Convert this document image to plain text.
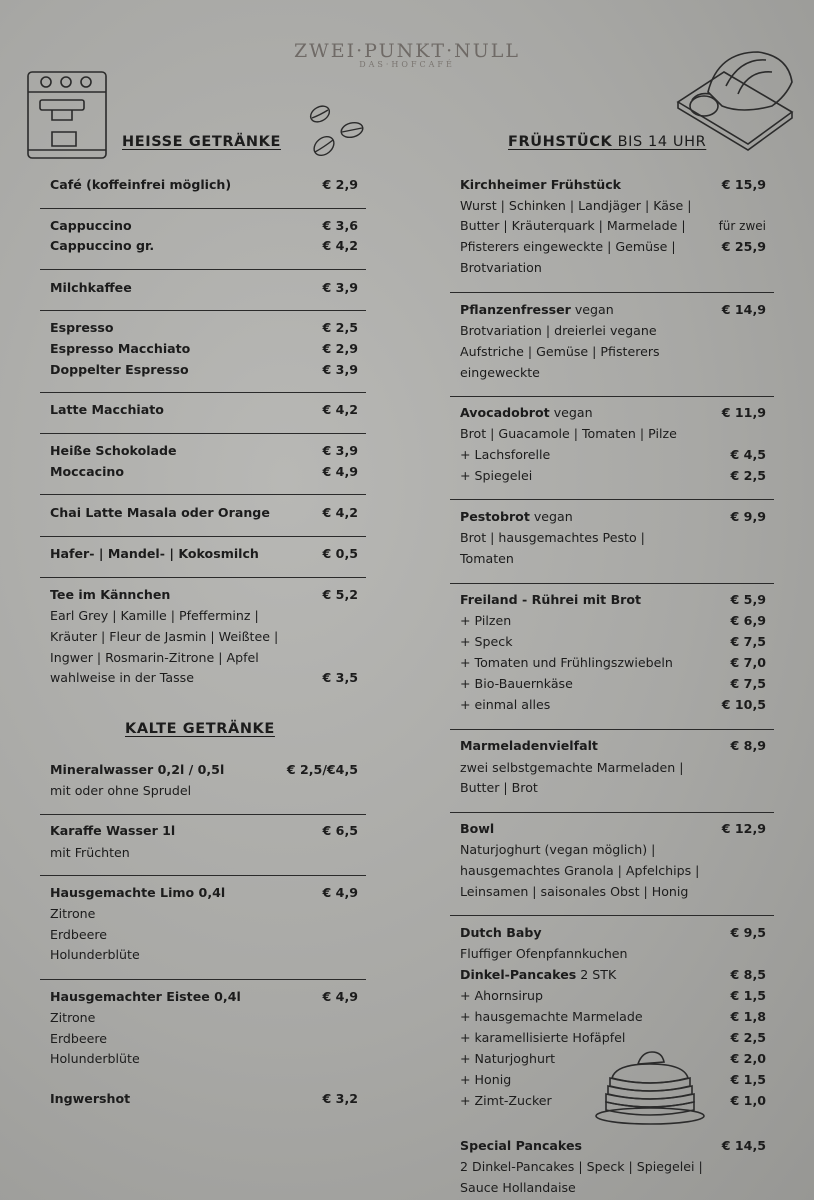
ZWEI·PUNKT·NULL
DAS·HOFCAFÉ
HEISSE GETRÄNKE
Café (koffeinfrei möglich)	€ 2,9
Cappuccino	€ 3,6
Cappuccino gr.	€ 4,2
Milchkaffee	€ 3,9
Espresso	€ 2,5
Espresso Macchiato	€ 2,9
Doppelter Espresso	€ 3,9
Latte Macchiato	€ 4,2
Heiße Schokolade	€ 3,9
Moccacino	€ 4,9
Chai Latte Masala oder Orange	€ 4,2
Hafer- | Mandel- | Kokosmilch	€ 0,5
Tee im Kännchen	€ 5,2
Earl Grey | Kamille | Pfefferminz |
Kräuter | Fleur de Jasmin | Weißtee |
Ingwer | Rosmarin-Zitrone | Apfel
wahlweise in der Tasse	€ 3,5
KALTE GETRÄNKE
Mineralwasser 0,2l / 0,5l	€ 2,5/€4,5
mit oder ohne Sprudel
Karaffe Wasser 1l	€ 6,5
mit Früchten
Hausgemachte Limo 0,4l	€ 4,9
Zitrone
Erdbeere
Holunderblüte
Hausgemachter Eistee 0,4l	€ 4,9
Zitrone
Erdbeere
Holunderblüte
Ingwershot	€ 3,2
FRÜHSTÜCK BIS 14 UHR
Kirchheimer Frühstück	€ 15,9
Wurst | Schinken | Landjäger | Käse |
Butter | Kräuterquark | Marmelade |	für zwei
Pfisterers eingeweckte | Gemüse |	€ 25,9
Brotvariation
Pflanzenfresser vegan	€ 14,9
Brotvariation | dreierlei vegane
Aufstriche | Gemüse | Pfisterers
eingeweckte
Avocadobrot vegan	€ 11,9
Brot | Guacamole | Tomaten | Pilze
+ Lachsforelle	€ 4,5
+ Spiegelei	€ 2,5
Pestobrot vegan	€ 9,9
Brot | hausgemachtes Pesto |
Tomaten
Freiland - Rührei mit Brot	€ 5,9
+ Pilzen	€ 6,9
+ Speck	€ 7,5
+ Tomaten und Frühlingszwiebeln	€ 7,0
+ Bio-Bauernkäse	€ 7,5
+ einmal alles	€ 10,5
Marmeladenvielfalt	€ 8,9
zwei selbstgemachte Marmeladen |
Butter | Brot
Bowl	€ 12,9
Naturjoghurt (vegan möglich) |
hausgemachtes Granola | Apfelchips |
Leinsamen | saisonales Obst | Honig
Dutch Baby	€ 9,5
Fluffiger Ofenpfannkuchen
Dinkel-Pancakes 2 STK	€ 8,5
+ Ahornsirup	€ 1,5
+ hausgemachte Marmelade	€ 1,8
+ karamellisierte Hofäpfel	€ 2,5
+ Naturjoghurt	€ 2,0
+ Honig	€ 1,5
+ Zimt-Zucker	€ 1,0
Special Pancakes	€ 14,5
2 Dinkel-Pancakes | Speck | Spiegelei |
Sauce Hollandaise
